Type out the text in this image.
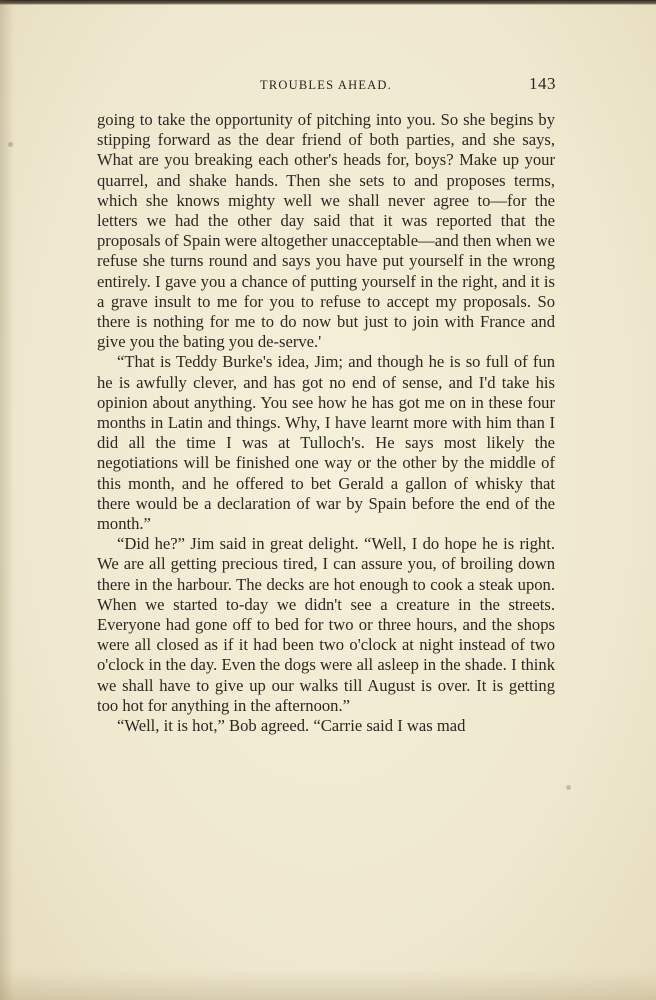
TROUBLES AHEAD.	143

going to take the opportunity of pitching into you. So she begins by stipping forward as the dear friend of both parties, and she says, What are you breaking each other's heads for, boys? Make up your quarrel, and shake hands. Then she sets to and proposes terms, which she knows mighty well we shall never agree to—for the letters we had the other day said that it was reported that the proposals of Spain were altogether unacceptable—and then when we refuse she turns round and says you have put yourself in the wrong entirely. I gave you a chance of putting yourself in the right, and it is a grave insult to me for you to refuse to accept my proposals. So there is nothing for me to do now but just to join with France and give you the bating you de-serve.'

“That is Teddy Burke's idea, Jim; and though he is so full of fun he is awfully clever, and has got no end of sense, and I'd take his opinion about anything. You see how he has got me on in these four months in Latin and things. Why, I have learnt more with him than I did all the time I was at Tulloch's. He says most likely the negotiations will be finished one way or the other by the middle of this month, and he offered to bet Gerald a gallon of whisky that there would be a declaration of war by Spain before the end of the month.”

“Did he?” Jim said in great delight. “Well, I do hope he is right. We are all getting precious tired, I can assure you, of broiling down there in the harbour. The decks are hot enough to cook a steak upon. When we started to-day we didn't see a creature in the streets. Everyone had gone off to bed for two or three hours, and the shops were all closed as if it had been two o'clock at night instead of two o'clock in the day. Even the dogs were all asleep in the shade. I think we shall have to give up our walks till August is over. It is getting too hot for anything in the afternoon.”

“Well, it is hot,” Bob agreed. “Carrie said I was mad
